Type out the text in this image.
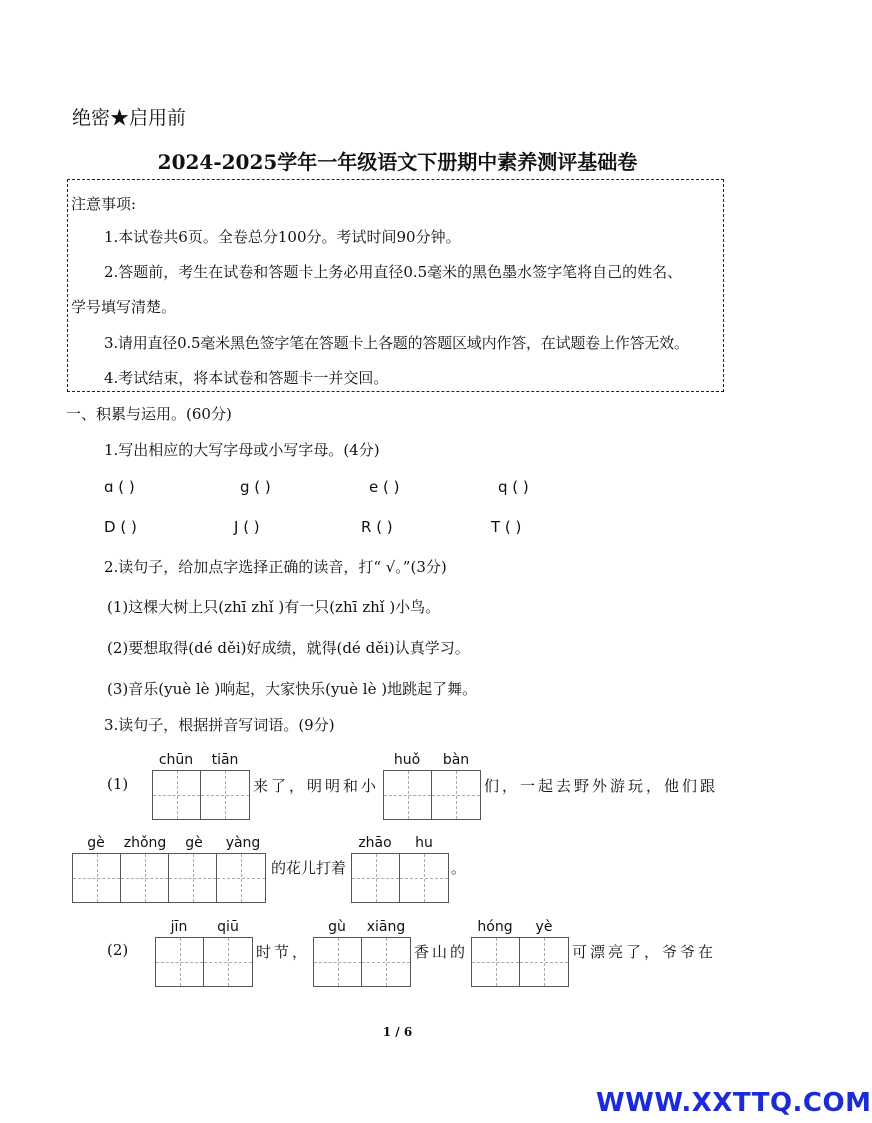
绝密★启用前
2024-2025学年一年级语文下册期中素养测评基础卷
注意事项:
1.本试卷共6页。全卷总分100分。考试时间90分钟。
2.答题前，考生在试卷和答题卡上务必用直径0.5毫米的黑色墨水签字笔将自己的姓名、
学号填写清楚。
3.请用直径0.5毫米黑色签字笔在答题卡上各题的答题区域内作答，在试题卷上作答无效。
4.考试结束，将本试卷和答题卡一并交回。
一、积累与运用。(60分)
1.写出相应的大写字母或小写字母。(4分)
ɑ ( )	g ( )	e ( )	q ( )
D ( )	J ( )	R ( )	T ( )
2.读句子，给加点字选择正确的读音，打“ √。”(3分)
(1)这棵大树上只(zhī zhǐ )有一只(zhī zhǐ )小鸟。
(2)要想取得(dé děi)好成绩，就得(dé děi)认真学习。
(3)音乐(yuè lè )响起，大家快乐(yuè lè )地跳起了舞。
3.读句子，根据拼音写词语。(9分)
(1)
chūn	tiān
来了，明明和小
huǒ	bàn
们，一起去野外游玩，他们跟
gè	zhǒng	gè	yàng
的花儿打着
zhāo	hu
。
(2)
jīn	qiū
时节，
gù	xiāng
香山的
hóng	yè
可漂亮了，爷爷在
1 / 6
WWW.XXTTQ.COM
